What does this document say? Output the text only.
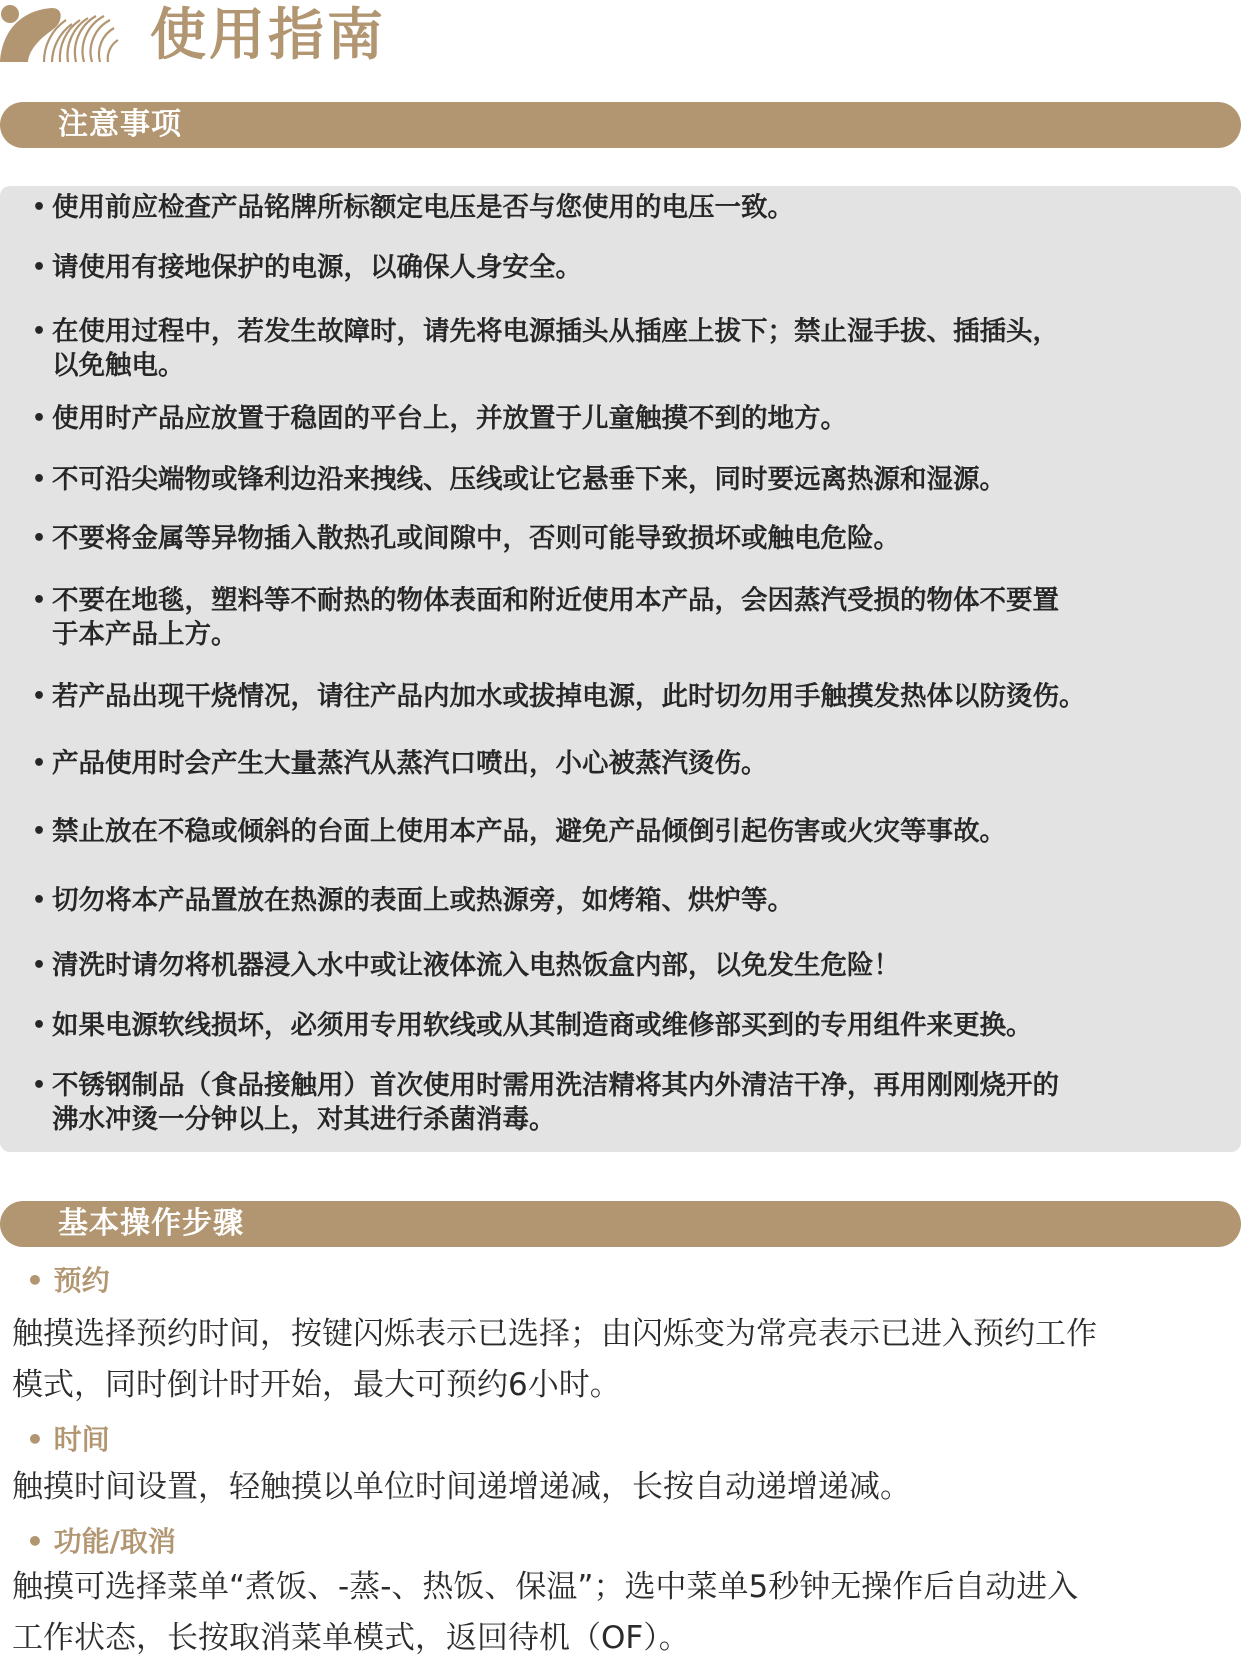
使用指南
注意事项
• 使用前应检查产品铭牌所标额定电压是否与您使用的电压一致。
• 请使用有接地保护的电源，以确保人身安全。
• 在使用过程中，若发生故障时，请先将电源插头从插座上拔下；禁止湿手拔、插插头，
以免触电。
• 使用时产品应放置于稳固的平台上，并放置于儿童触摸不到的地方。
• 不可沿尖端物或锋利边沿来拽线、压线或让它悬垂下来，同时要远离热源和湿源。
• 不要将金属等异物插入散热孔或间隙中，否则可能导致损坏或触电危险。
• 不要在地毯，塑料等不耐热的物体表面和附近使用本产品，会因蒸汽受损的物体不要置
于本产品上方。
• 若产品出现干烧情况，请往产品内加水或拔掉电源，此时切勿用手触摸发热体以防烫伤。
• 产品使用时会产生大量蒸汽从蒸汽口喷出，小心被蒸汽烫伤。
• 禁止放在不稳或倾斜的台面上使用本产品，避免产品倾倒引起伤害或火灾等事故。
• 切勿将本产品置放在热源的表面上或热源旁，如烤箱、烘炉等。
• 清洗时请勿将机器浸入水中或让液体流入电热饭盒内部，以免发生危险！
• 如果电源软线损坏，必须用专用软线或从其制造商或维修部买到的专用组件来更换。
• 不锈钢制品（食品接触用）首次使用时需用洗洁精将其内外清洁干净，再用刚刚烧开的
沸水冲烫一分钟以上，对其进行杀菌消毒。
基本操作步骤
• 预约
触摸选择预约时间，按键闪烁表示已选择；由闪烁变为常亮表示已进入预约工作
模式，同时倒计时开始，最大可预约6小时。
• 时间
触摸时间设置，轻触摸以单位时间递增递减，长按自动递增递减。
• 功能/取消
触摸可选择菜单“煮饭、-蒸-、热饭、保温”；选中菜单5秒钟无操作后自动进入
工作状态，长按取消菜单模式，返回待机（OF）。
